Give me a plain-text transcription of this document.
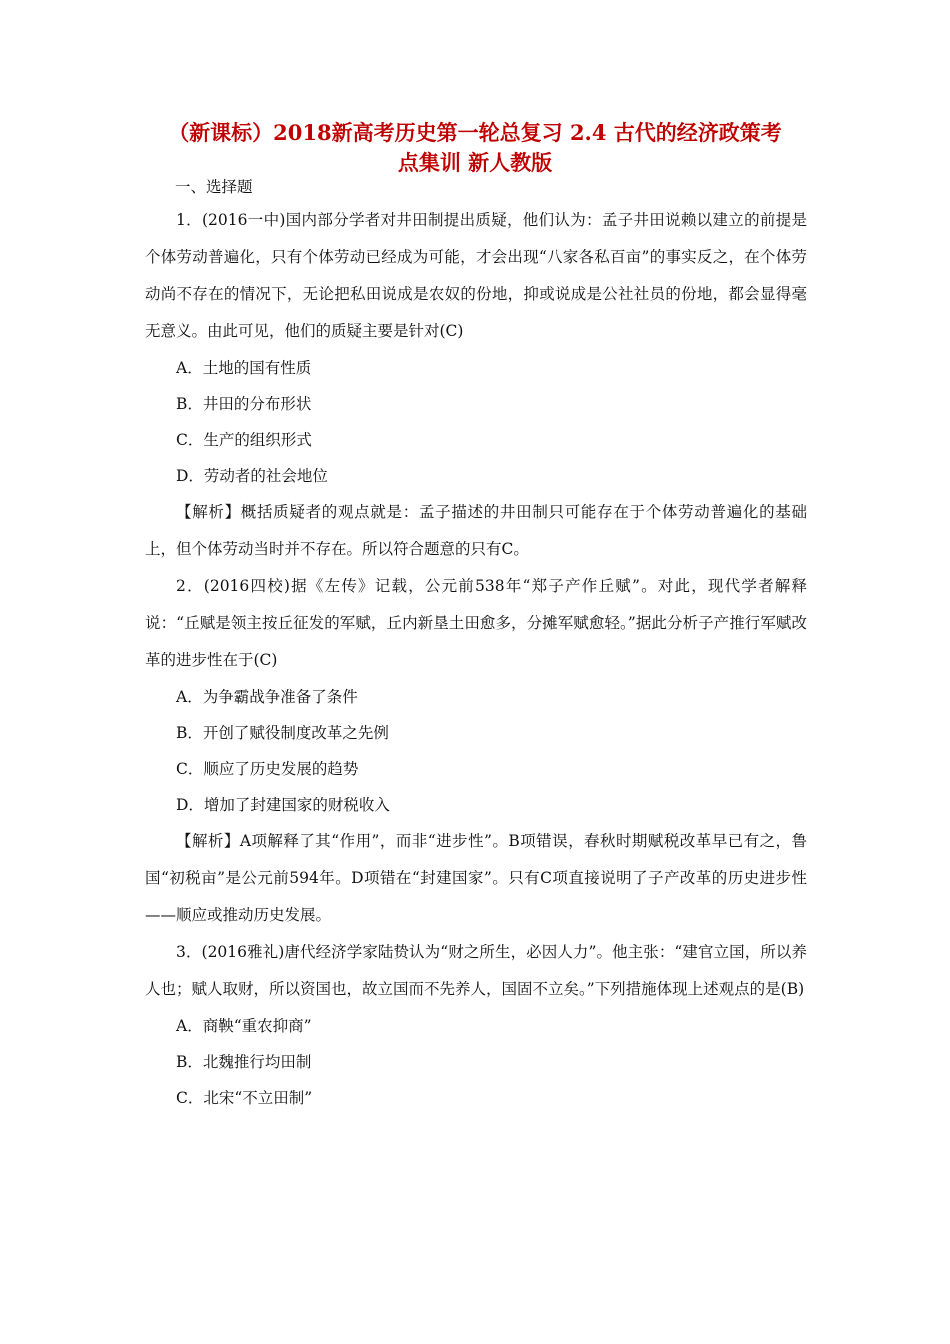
（新课标）2018新高考历史第一轮总复习 2.4 古代的经济政策考
点集训 新人教版
一、选择题

1．(2016一中)国内部分学者对井田制提出质疑，他们认为：孟子井田说赖以建立的前提是个体劳动普遍化，只有个体劳动已经成为可能，才会出现“八家各私百亩”的事实反之，在个体劳动尚不存在的情况下，无论把私田说成是农奴的份地，抑或说成是公社社员的份地，都会显得毫无意义。由此可见，他们的质疑主要是针对(C)

A．土地的国有性质
B．井田的分布形状
C．生产的组织形式
D．劳动者的社会地位

【解析】概括质疑者的观点就是：孟子描述的井田制只可能存在于个体劳动普遍化的基础上，但个体劳动当时并不存在。所以符合题意的只有C。

2．(2016四校)据《左传》记载，公元前538年“郑子产作丘赋”。对此，现代学者解释说：“丘赋是领主按丘征发的军赋，丘内新垦土田愈多，分摊军赋愈轻。”据此分析子产推行军赋改革的进步性在于(C)

A．为争霸战争准备了条件
B．开创了赋役制度改革之先例
C．顺应了历史发展的趋势
D．增加了封建国家的财税收入

【解析】A项解释了其“作用”，而非“进步性”。B项错误，春秋时期赋税改革早已有之，鲁国“初税亩”是公元前594年。D项错在“封建国家”。只有C项直接说明了子产改革的历史进步性——顺应或推动历史发展。

3．(2016雅礼)唐代经济学家陆贽认为“财之所生，必因人力”。他主张：“建官立国，所以养人也；赋人取财，所以资国也，故立国而不先养人，国固不立矣。”下列措施体现上述观点的是(B)

A．商鞅“重农抑商”
B．北魏推行均田制
C．北宋“不立田制”
